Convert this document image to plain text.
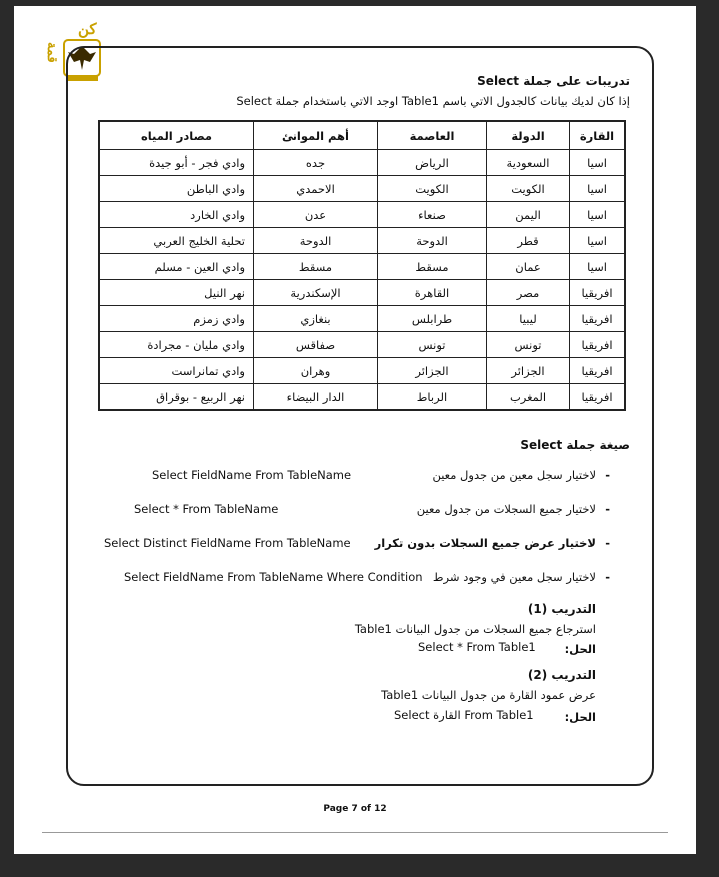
كن
قمة
تدريبات على جملة Select
إذا كان لديك بيانات كالجدول الاتي باسم Table1 اوجد الاتي باستخدام جملة Select
القارة	الدولة	العاصمة	أهم الموانئ	مصادر المياه
اسيا	السعودية	الرياض	جده	وادي فجر - أبو جيدة
اسيا	الكويت	الكويت	الاحمدي	وادي الباطن
اسيا	اليمن	صنعاء	عدن	وادي الخارد
اسيا	قطر	الدوحة	الدوحة	تحلية الخليج العربي
اسيا	عمان	مسقط	مسقط	وادي العين - مسلم
افريقيا	مصر	القاهرة	الإسكندرية	نهر النيل
افريقيا	ليبيا	طرابلس	بنغازي	وادي زمزم
افريقيا	تونس	تونس	صفاقس	وادي مليان - مجرادة
افريقيا	الجزائر	الجزائر	وهران	وادي تمانراست
افريقيا	المغرب	الرباط	الدار البيضاء	نهر الربيع - بوقراق
صيغة جملة Select
- لاختيار سجل معين من جدول معين
Select FieldName From TableName
- لاختيار جميع السجلات من جدول معين
Select * From TableName
- لاختيار عرض جميع السجلات بدون تكرار
Select Distinct FieldName From TableName
- لاختيار سجل معين في وجود شرط
Select FieldName From TableName Where Condition
التدريب (1)
استرجاع جميع السجلات من جدول البيانات Table1
الحل:
Select * From Table1
التدريب (2)
عرض عمود القارة من جدول البيانات Table1
الحل:
Select القارة From Table1
Page 7 of 12
